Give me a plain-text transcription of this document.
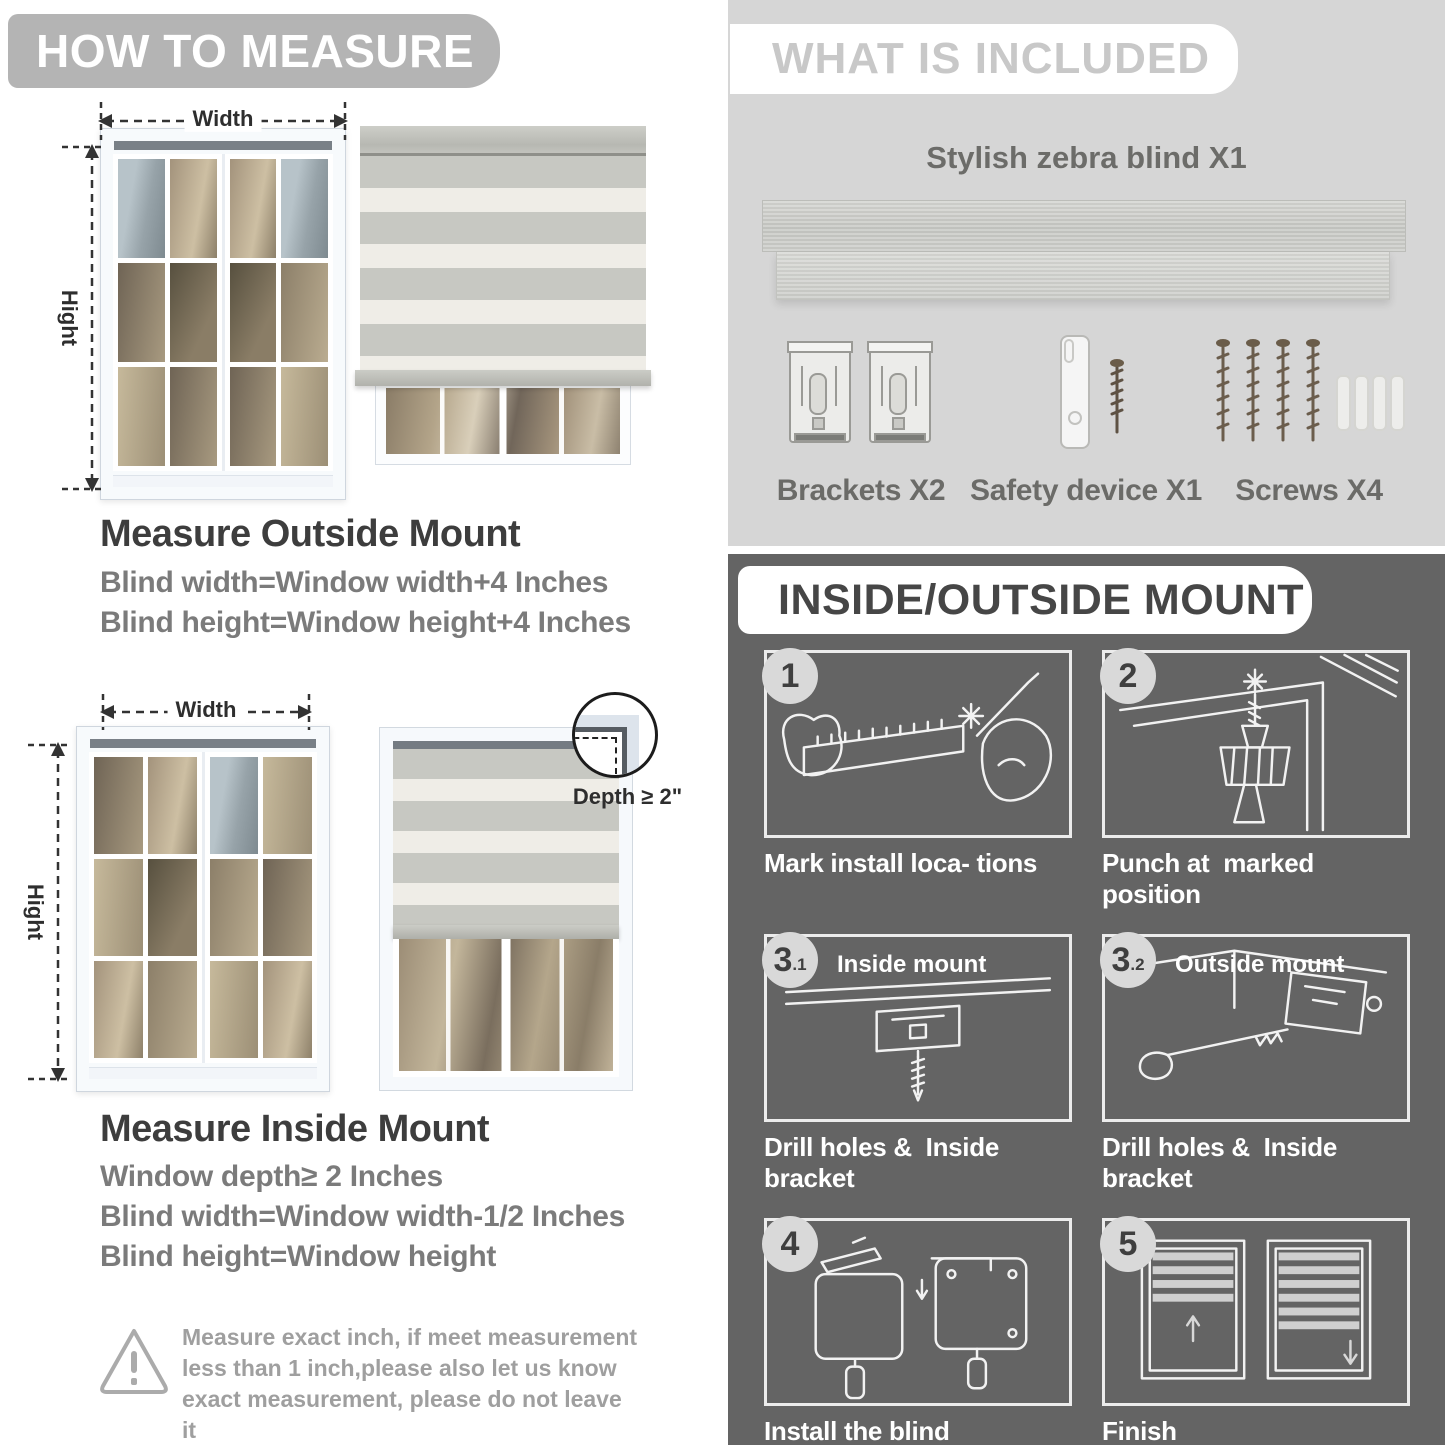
HOW TO MEASURE
Width
Hight
Measure Outside Mount
Blind width=Window width+4 Inches
Blind height=Window height+4 Inches
Width
Hight
Depth ≥ 2"
Measure Inside Mount
Window depth≥ 2 Inches
Blind width=Window width-1/2 Inches
Blind height=Window height
Measure exact inch, if meet measurement less than 1 inch,please also let us know exact measurement, please do not leave it
WHAT IS INCLUDED
Stylish zebra blind X1
Brackets X2 Safety device X1 Screws X4
INSIDE/OUTSIDE MOUNT
1
Mark install loca- tions
2
Punch at  marked position
3 .1 Inside mount
Drill holes &  Inside bracket
3 .2 Outside mount
Drill holes &  Inside bracket
4
Install the blind
5
Finish
